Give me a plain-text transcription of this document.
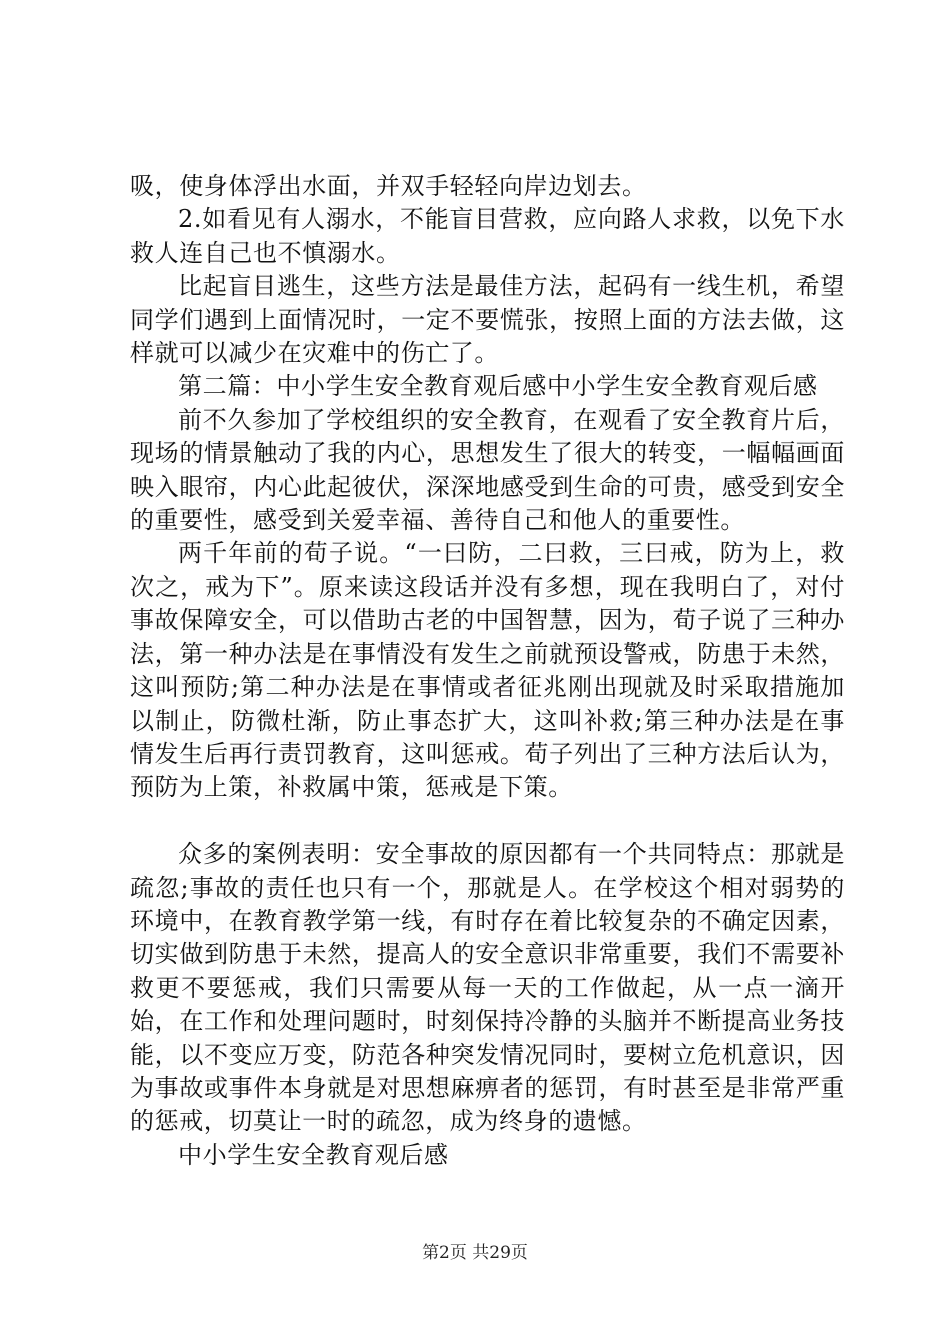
吸，使身体浮出水面，并双手轻轻向岸边划去。

2.如看见有人溺水，不能盲目营救，应向路人求救，以免下水救人连自己也不慎溺水。

比起盲目逃生，这些方法是最佳方法，起码有一线生机，希望同学们遇到上面情况时，一定不要慌张，按照上面的方法去做，这样就可以减少在灾难中的伤亡了。

第二篇：中小学生安全教育观后感中小学生安全教育观后感

前不久参加了学校组织的安全教育，在观看了安全教育片后，现场的情景触动了我的内心，思想发生了很大的转变，一幅幅画面映入眼帘，内心此起彼伏，深深地感受到生命的可贵，感受到安全的重要性，感受到关爱幸福、善待自己和他人的重要性。

两千年前的荀子说。“一曰防，二曰救，三曰戒，防为上，救次之，戒为下”。原来读这段话并没有多想，现在我明白了，对付事故保障安全，可以借助古老的中国智慧，因为，荀子说了三种办法，第一种办法是在事情没有发生之前就预设警戒，防患于未然，这叫预防;第二种办法是在事情或者征兆刚出现就及时采取措施加以制止，防微杜渐，防止事态扩大，这叫补救;第三种办法是在事情发生后再行责罚教育，这叫惩戒。荀子列出了三种方法后认为，预防为上策，补救属中策，惩戒是下策。

众多的案例表明：安全事故的原因都有一个共同特点：那就是疏忽;事故的责任也只有一个，那就是人。在学校这个相对弱势的环境中，在教育教学第一线，有时存在着比较复杂的不确定因素，切实做到防患于未然，提高人的安全意识非常重要，我们不需要补救更不要惩戒，我们只需要从每一天的工作做起，从一点一滴开始，在工作和处理问题时，时刻保持冷静的头脑并不断提高业务技能，以不变应万变，防范各种突发情况同时，要树立危机意识，因为事故或事件本身就是对思想麻痹者的惩罚，有时甚至是非常严重的惩戒，切莫让一时的疏忽，成为终身的遗憾。

中小学生安全教育观后感

第2页 共29页
